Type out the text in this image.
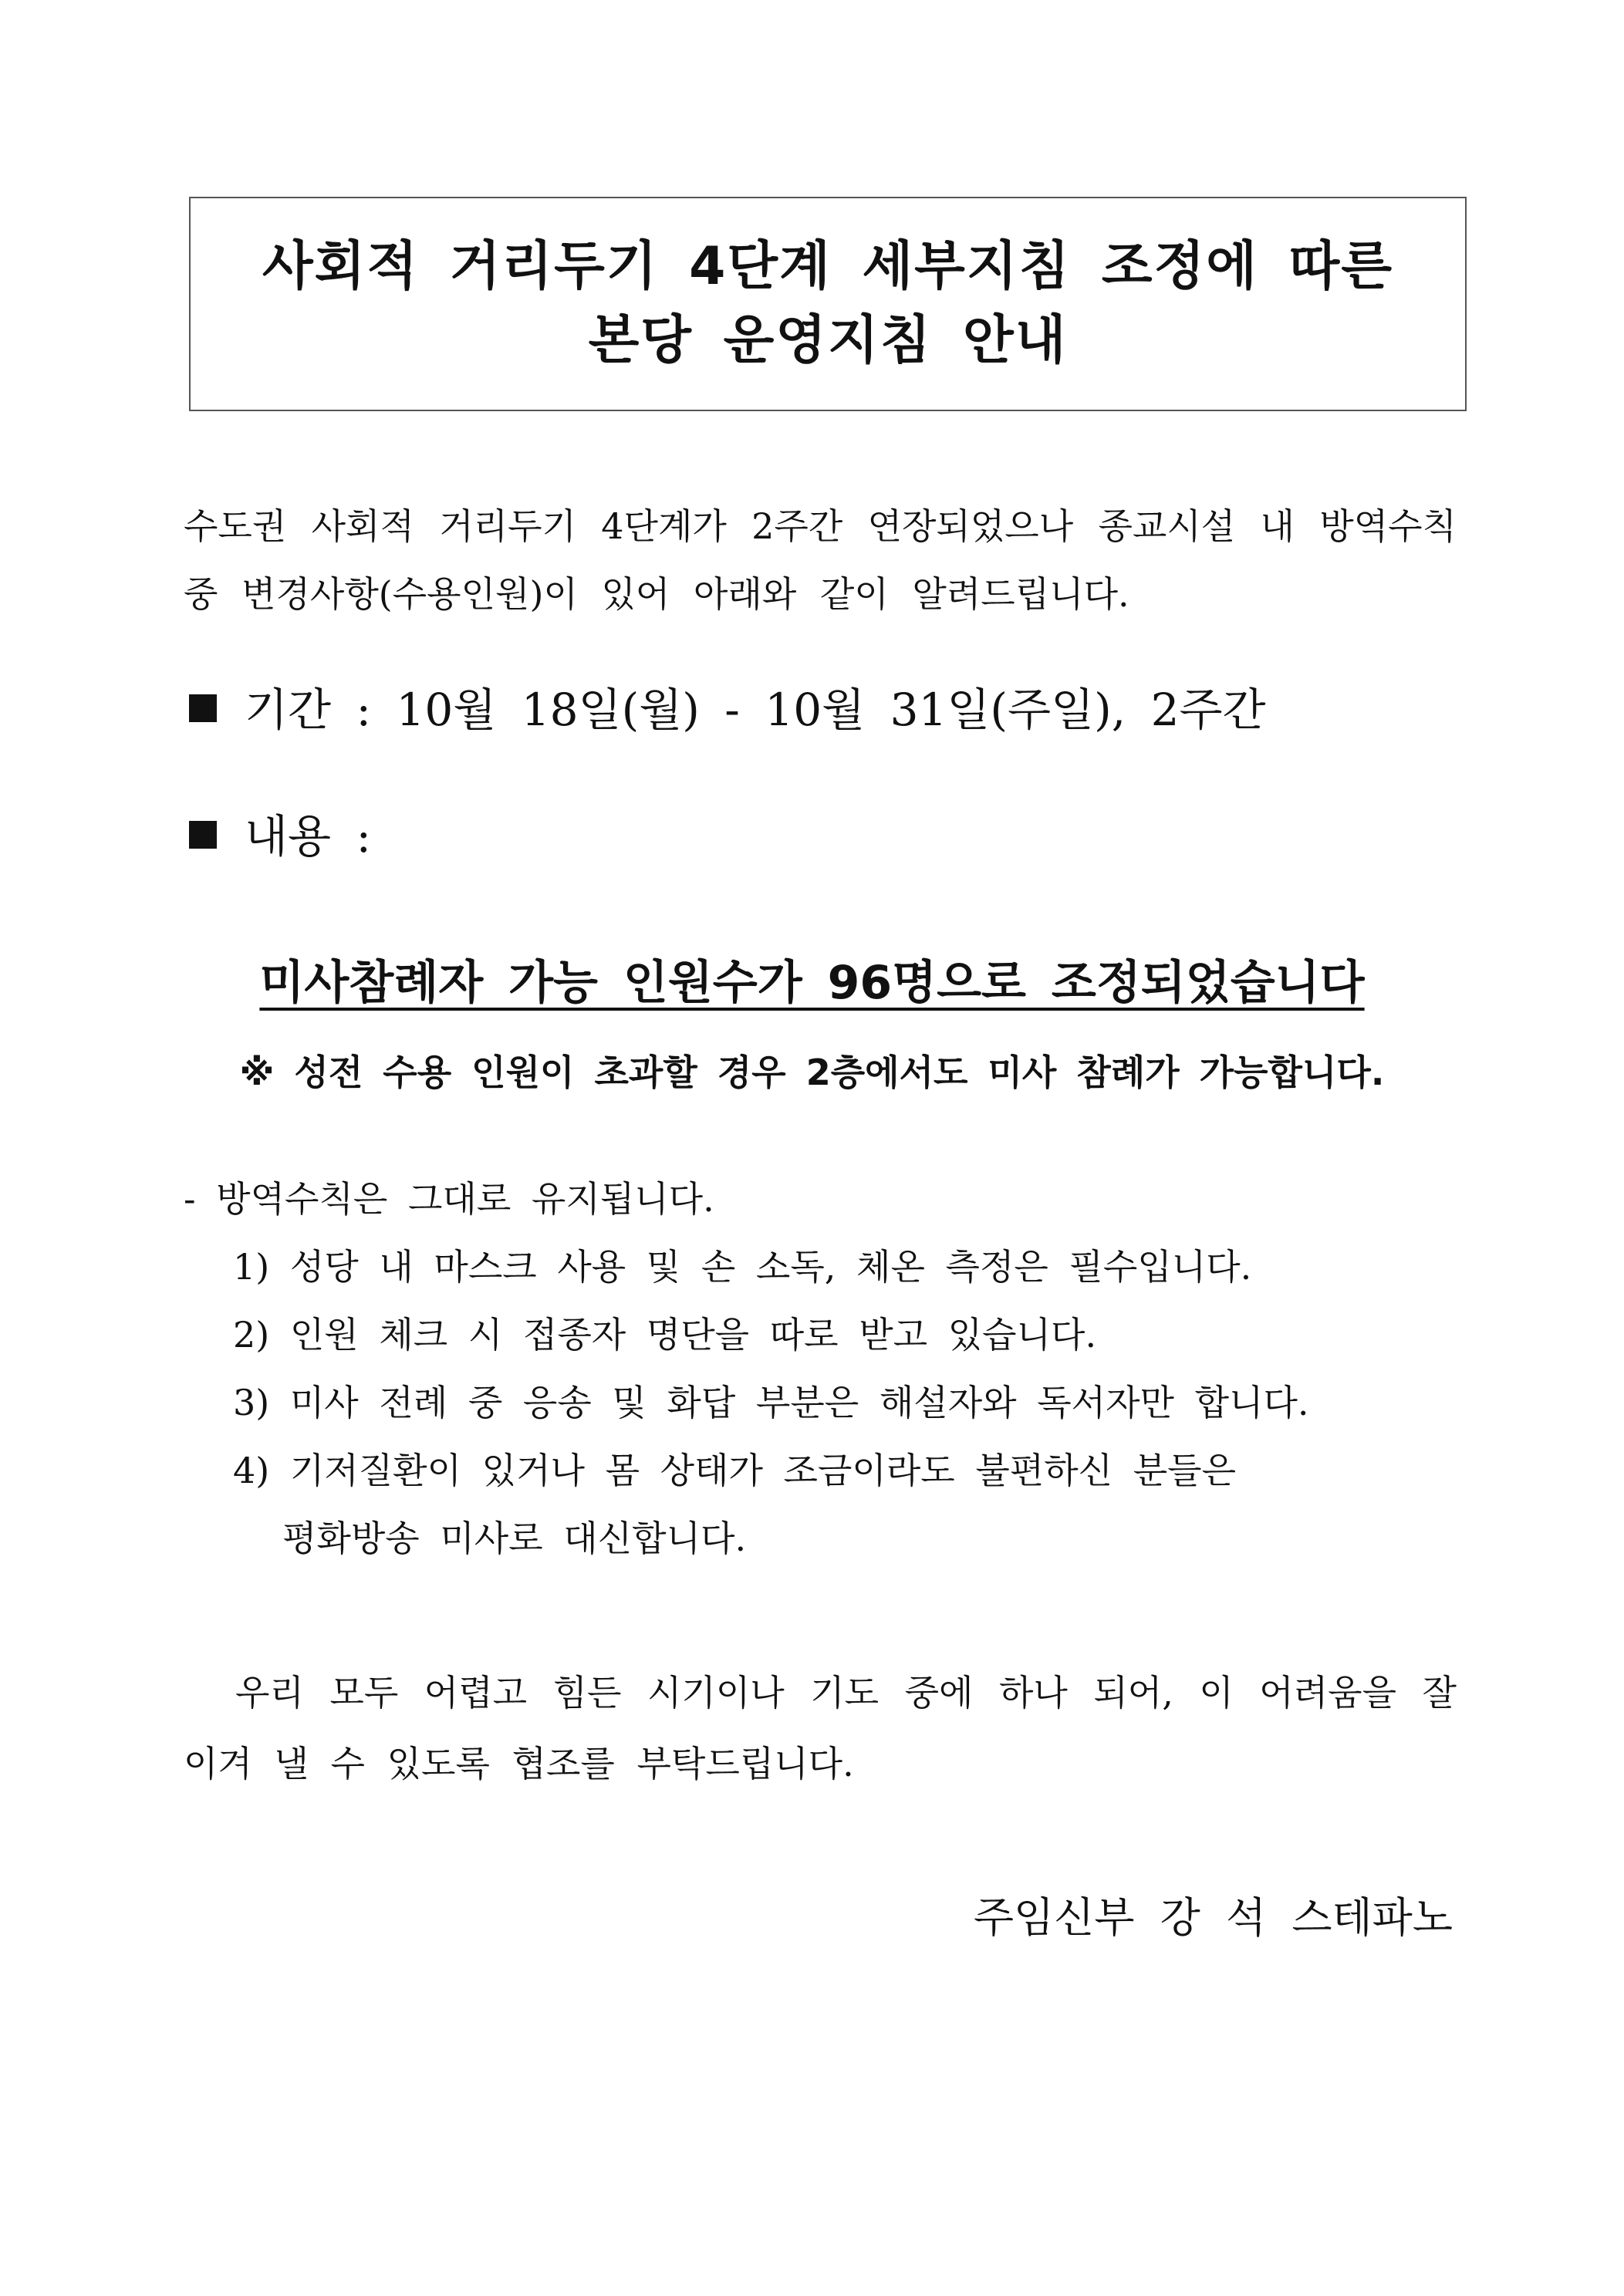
사회적 거리두기 4단계 세부지침 조정에 따른
본당 운영지침 안내
수도권 사회적 거리두기 4단계가 2주간 연장되었으나 종교시설 내 방역수칙 중 변경사항(수용인원)이 있어 아래와 같이 알려드립니다.
기간 : 10월 18일(월) - 10월 31일(주일), 2주간
내용 :
미사참례자 가능 인원수가 96명으로 조정되었습니다
※ 성전 수용 인원이 초과할 경우 2층에서도 미사 참례가 가능합니다.
- 방역수칙은 그대로 유지됩니다.
1) 성당 내 마스크 사용 및 손 소독, 체온 측정은 필수입니다.
2) 인원 체크 시 접종자 명단을 따로 받고 있습니다.
3) 미사 전례 중 응송 및 화답 부분은 해설자와 독서자만 합니다.
4) 기저질환이 있거나 몸 상태가 조금이라도 불편하신 분들은
평화방송 미사로 대신합니다.
우리 모두 어렵고 힘든 시기이나 기도 중에 하나 되어, 이 어려움을 잘 이겨 낼 수 있도록 협조를 부탁드립니다.
주임신부 강 석 스테파노
